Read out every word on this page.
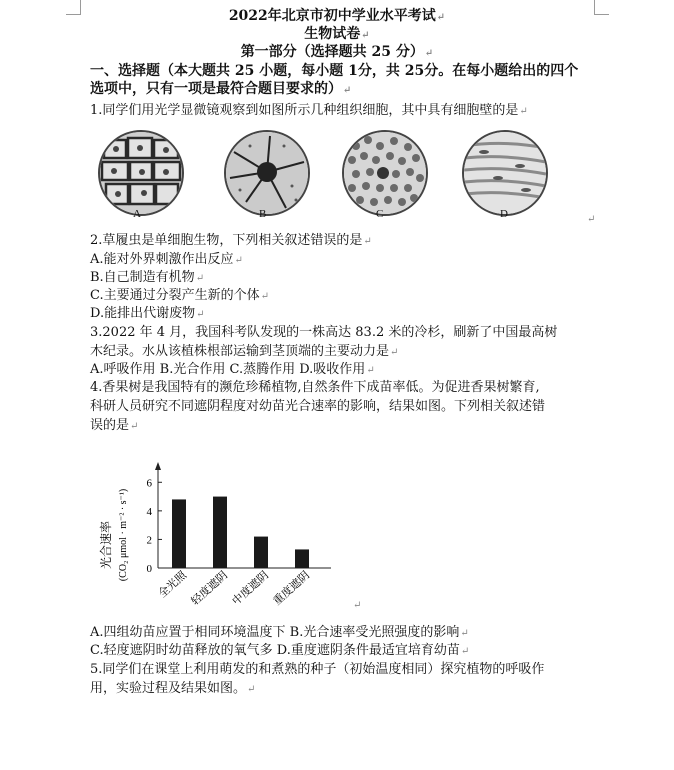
2022年北京市初中学业水平考试↵
生物试卷↵
第一部分（选择题共 25 分）↵
一、选择题（本大题共 25 小题，每小题 1分，共 25分。在每小题给出的四个
选项中，只有一项是最符合题目要求的）↵
1.同学们用光学显微镜观察到如图所示几种组织细胞，其中具有细胞壁的是↵
A	B	C	D	↵
2.草履虫是单细胞生物，下列相关叙述错误的是↵
A.能对外界刺激作出反应↵
B.自己制造有机物↵
C.主要通过分裂产生新的个体↵
D.能排出代谢废物↵
3.2022 年 4 月，我国科考队发现的一株高达 83.2 米的冷杉，刷新了中国最高树
木纪录。水从该植株根部运输到茎顶端的主要动力是↵
A.呼吸作用 B.光合作用 C.蒸腾作用 D.吸收作用↵
4.香果树是我国特有的濒危珍稀植物,自然条件下成苗率低。为促进香果树繁育,
科研人员研究不同遮阴程度对幼苗光合速率的影响，结果如图。下列相关叙述错
误的是↵
光合速率 (CO₂ μmol · m⁻² · s⁻¹) 0
2
4
6
全光照 轻度遮阴 中度遮阴 重度遮阴	↵
A.四组幼苗应置于相同环境温度下 B.光合速率受光照强度的影响↵
C.轻度遮阴时幼苗释放的氧气多 D.重度遮阴条件最适宜培育幼苗↵
5.同学们在课堂上利用萌发的和煮熟的种子（初始温度相同）探究植物的呼吸作
用，实验过程及结果如图。↵
